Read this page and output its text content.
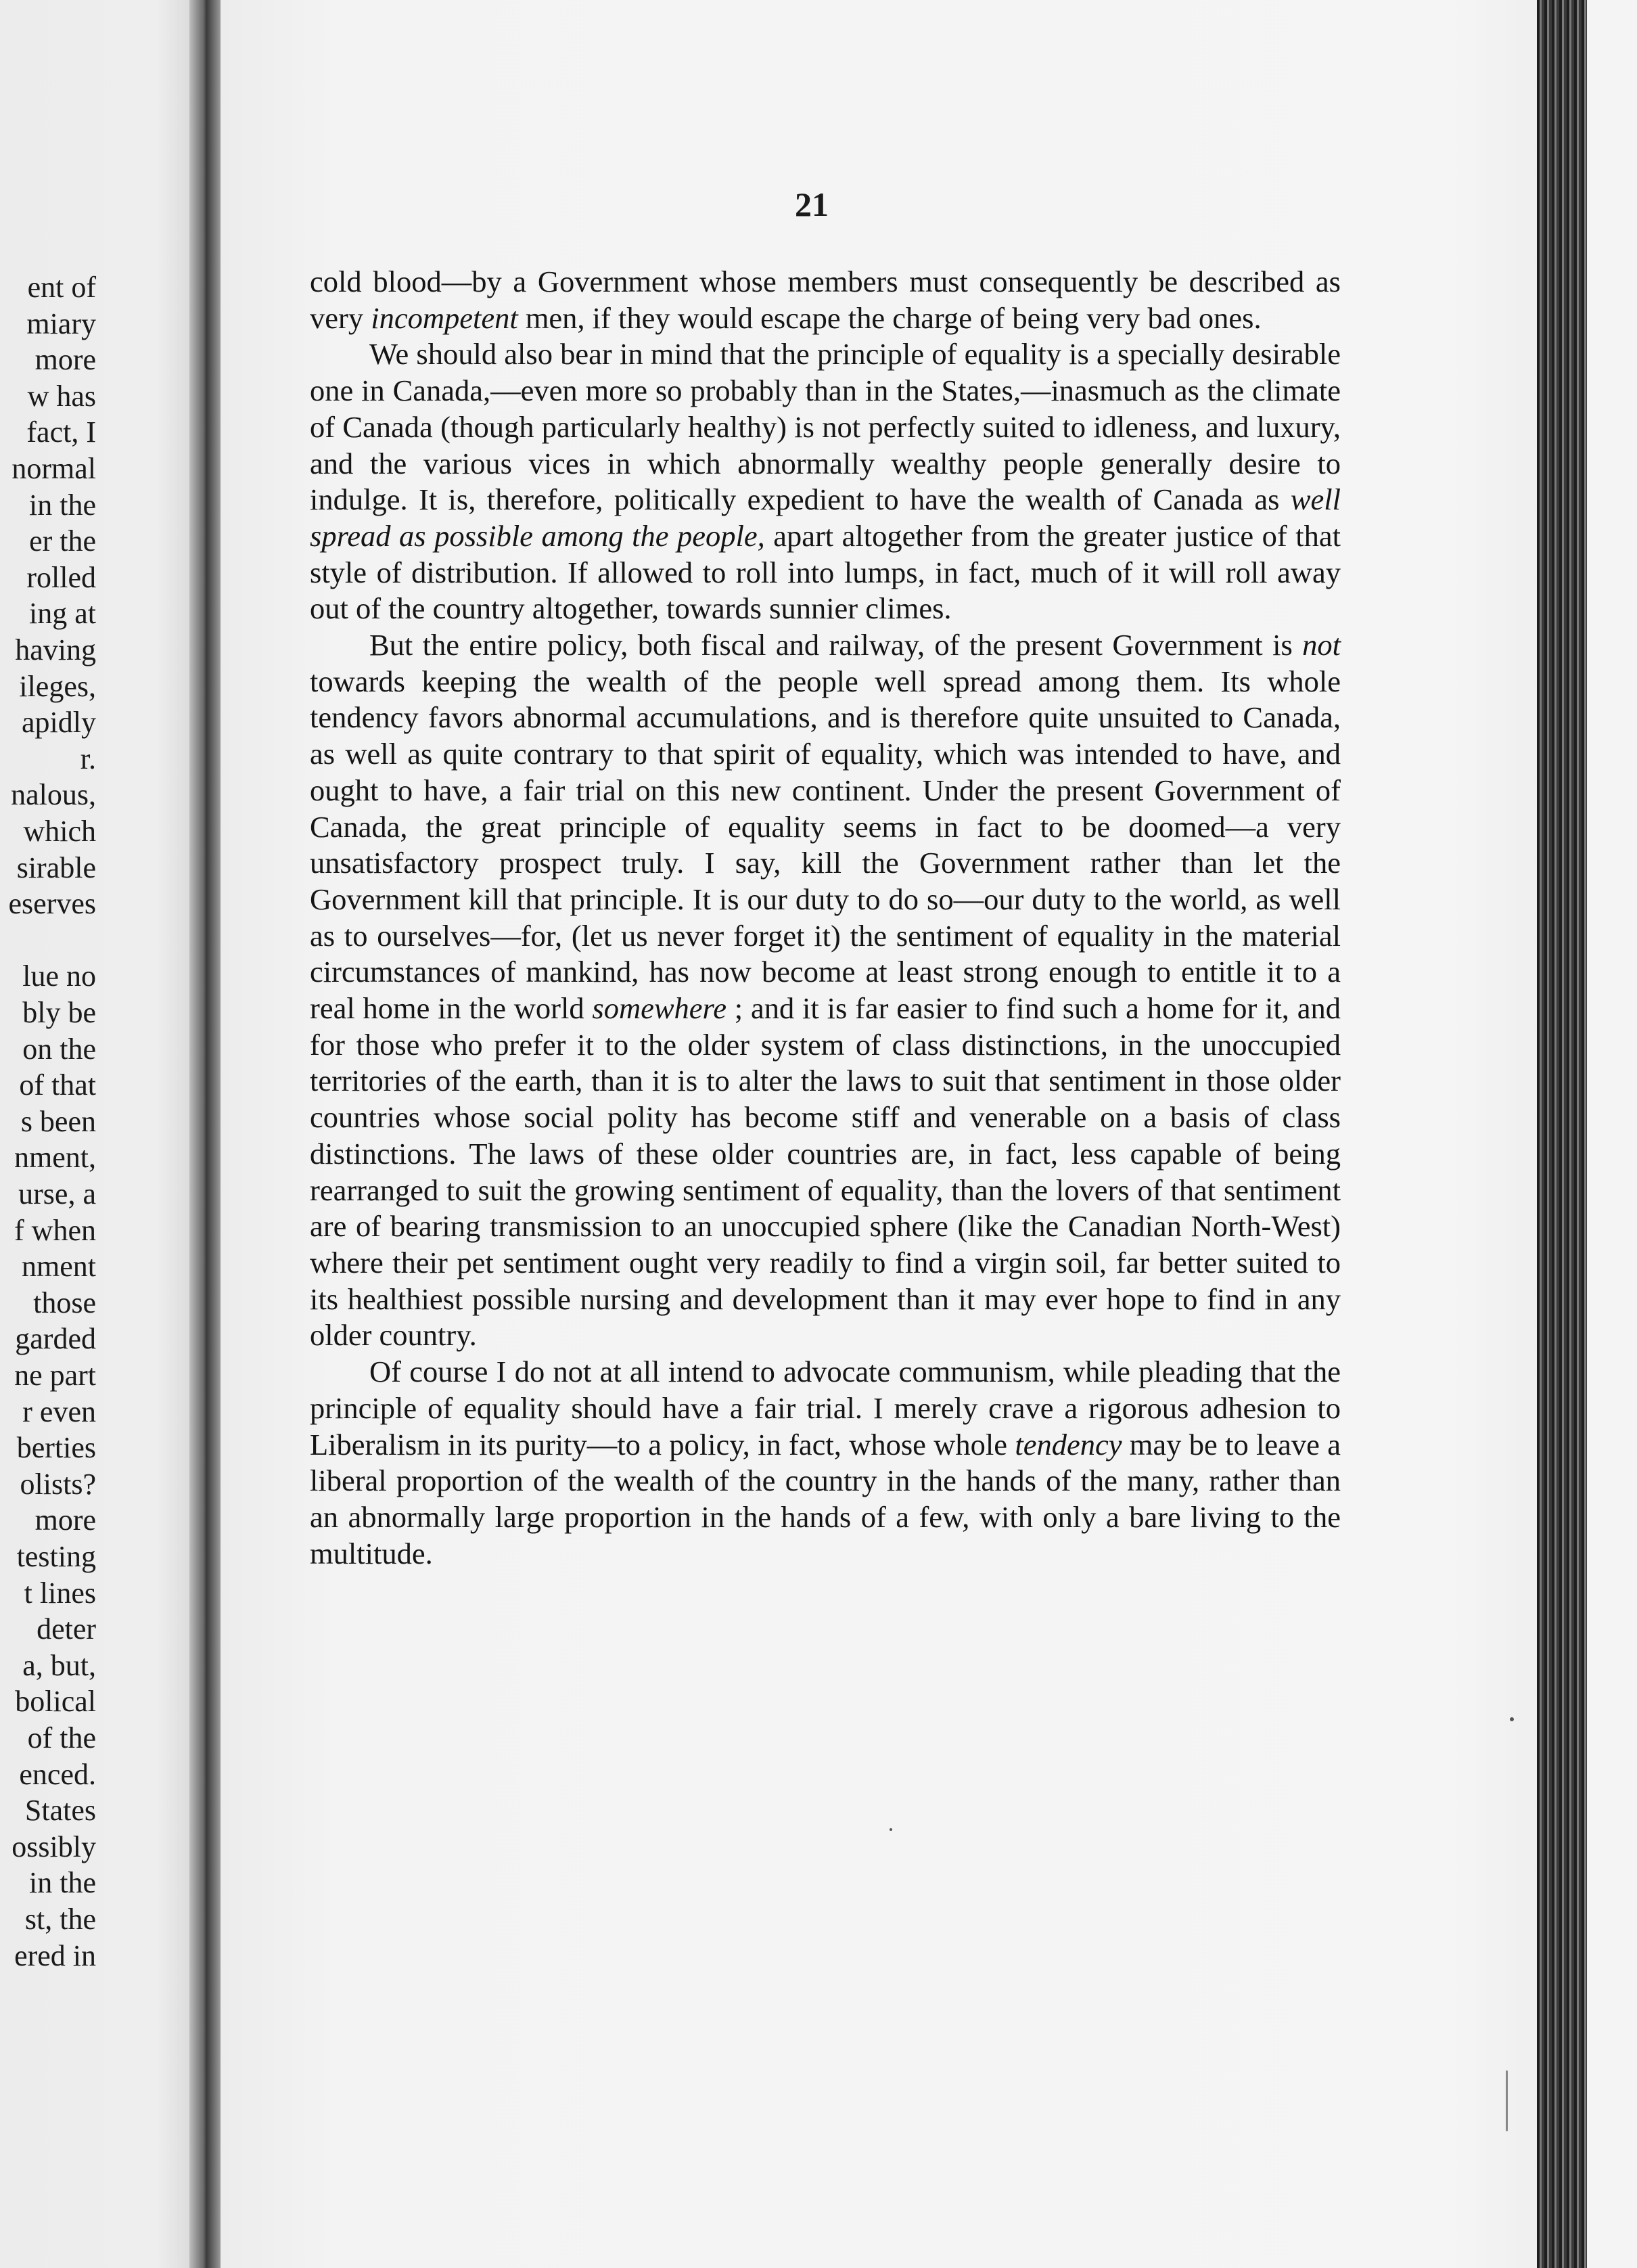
ent of
miary
more
w has
fact, I
normal
in the
er the
rolled
ing at
having
ileges,
apidly
r.
nalous,
which
sirable
eserves
lue no
bly be
on the
of that
s been
nment,
urse, a
f when
nment
those
garded
ne part
r even
berties
olists?
more
testing
t lines
deter
a, but,
bolical
of the
enced.
States
ossibly
in the
st, the
ered in
21

cold blood—by a Government whose members must consequently be described as very incompetent men, if they would escape the charge of being very bad ones.

We should also bear in mind that the principle of equality is a specially desirable one in Canada,—even more so probably than in the States,—inasmuch as the climate of Canada (though particularly healthy) is not perfectly suited to idleness, and luxury, and the various vices in which abnormally wealthy people generally desire to indulge. It is, therefore, politically expedient to have the wealth of Canada as well spread as possible among the people, apart altogether from the greater justice of that style of distribution. If allowed to roll into lumps, in fact, much of it will roll away out of the country altogether, towards sunnier climes.

But the entire policy, both fiscal and railway, of the present Government is not towards keeping the wealth of the people well spread among them. Its whole tendency favors abnormal accumulations, and is therefore quite unsuited to Canada, as well as quite contrary to that spirit of equality, which was intended to have, and ought to have, a fair trial on this new continent. Under the present Government of Canada, the great principle of equality seems in fact to be doomed—a very unsatisfactory prospect truly. I say, kill the Government rather than let the Government kill that principle. It is our duty to do so—our duty to the world, as well as to ourselves—for, (let us never forget it) the sentiment of equality in the material circumstances of mankind, has now become at least strong enough to entitle it to a real home in the world somewhere ; and it is far easier to find such a home for it, and for those who prefer it to the older system of class distinctions, in the unoccupied territories of the earth, than it is to alter the laws to suit that sentiment in those older countries whose social polity has become stiff and venerable on a basis of class distinctions. The laws of these older countries are, in fact, less capable of being rearranged to suit the growing sentiment of equality, than the lovers of that sentiment are of bearing transmission to an unoccupied sphere (like the Canadian North-West) where their pet sentiment ought very readily to find a virgin soil, far better suited to its healthiest possible nursing and development than it may ever hope to find in any older country.

Of course I do not at all intend to advocate communism, while pleading that the principle of equality should have a fair trial. I merely crave a rigorous adhesion to Liberalism in its purity—to a policy, in fact, whose whole tendency may be to leave a liberal proportion of the wealth of the country in the hands of the many, rather than an abnormally large proportion in the hands of a few, with only a bare living to the multitude.
